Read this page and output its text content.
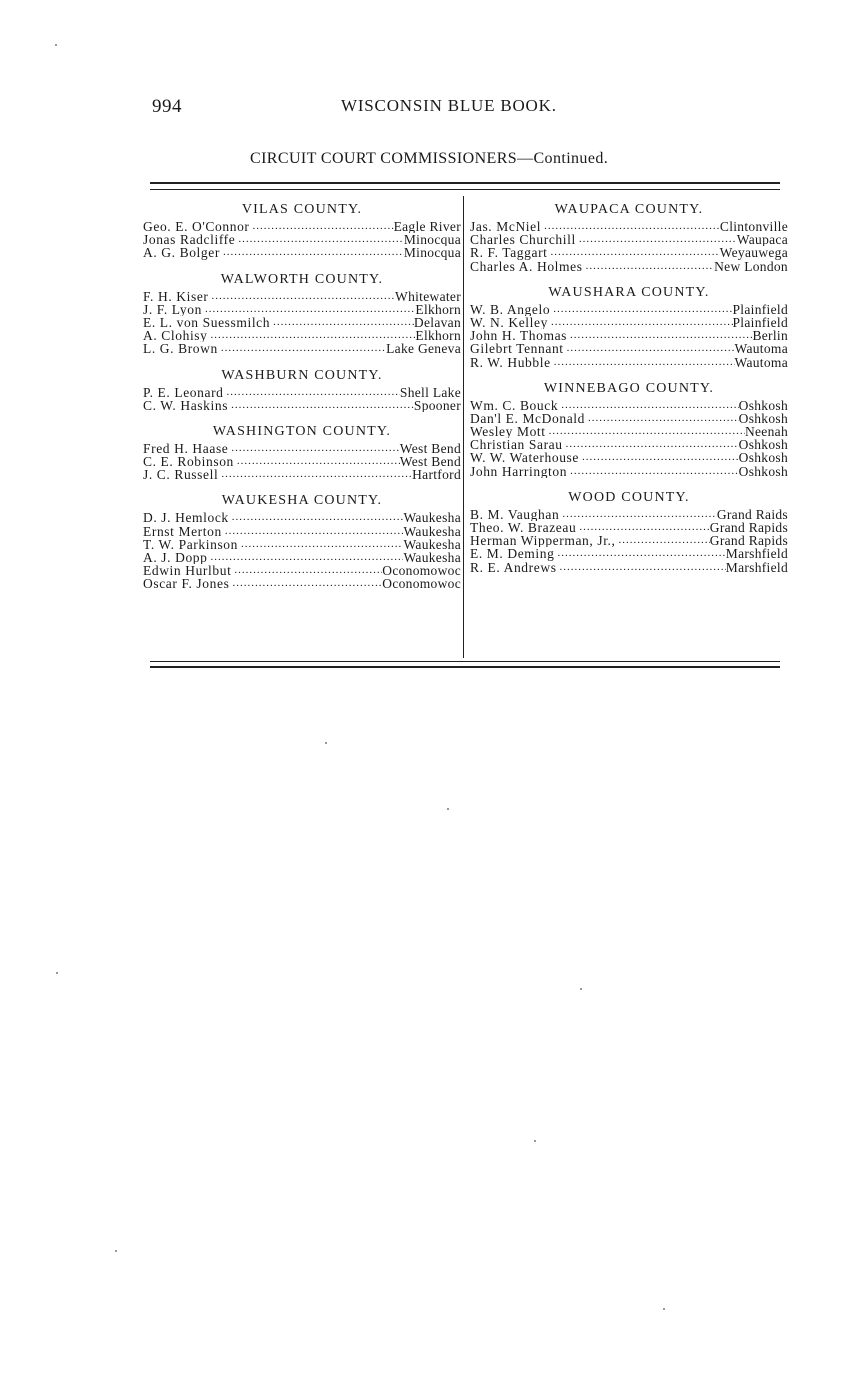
994	WISCONSIN BLUE BOOK.
CIRCUIT COURT COMMISSIONERS—Continued.
VILAS COUNTY.
Geo. E. O'Connor .....	Eagle River
Jonas Radcliffe .....	Minocqua
A. G. Bolger .....	Minocqua
WALWORTH COUNTY.
F. H. Kiser .....	Whitewater
J. F. Lyon .....	Elkhorn
E. L. von Suessmilch .....	Delavan
A. Clohisy .....	Elkhorn
L. G. Brown .....	Lake Geneva
WASHBURN COUNTY.
P. E. Leonard .....	Shell Lake
C. W. Haskins .....	Spooner
WASHINGTON COUNTY.
Fred H. Haase .....	West Bend
C. E. Robinson .....	West Bend
J. C. Russell .....	Hartford
WAUKESHA COUNTY.
D. J. Hemlock .....	Waukesha
Ernst Merton .....	Waukesha
T. W. Parkinson .....	Waukesha
A. J. Dopp .....	Waukesha
Edwin Hurlbut .....	Oconomowoc
Oscar F. Jones .....	Oconomowoc
WAUPACA COUNTY.
Jas. McNiel .....	Clintonville
Charles Churchill .....	Waupaca
R. F. Taggart .....	Weyauwega
Charles A. Holmes .....	New London
WAUSHARA COUNTY.
W. B. Angelo .....	Plainfield
W. N. Kelley .....	Plainfield
John H. Thomas .....	Berlin
Gilebrt Tennant .....	Wautoma
R. W. Hubble .....	Wautoma
WINNEBAGO COUNTY.
Wm. C. Bouck .....	Oshkosh
Dan'l E. McDonald .....	Oshkosh
Wesley Mott .....	Neenah
Christian Sarau .....	Oshkosh
W. W. Waterhouse .....	Oshkosh
John Harrington .....	Oshkosh
WOOD COUNTY.
B. M. Vaughan .....	Grand Raids
Theo. W. Brazeau .....	Grand Rapids
Herman Wipperman, Jr., .....	Grand Rapids
E. M. Deming .....	Marshfield
R. E. Andrews .....	Marshfield
